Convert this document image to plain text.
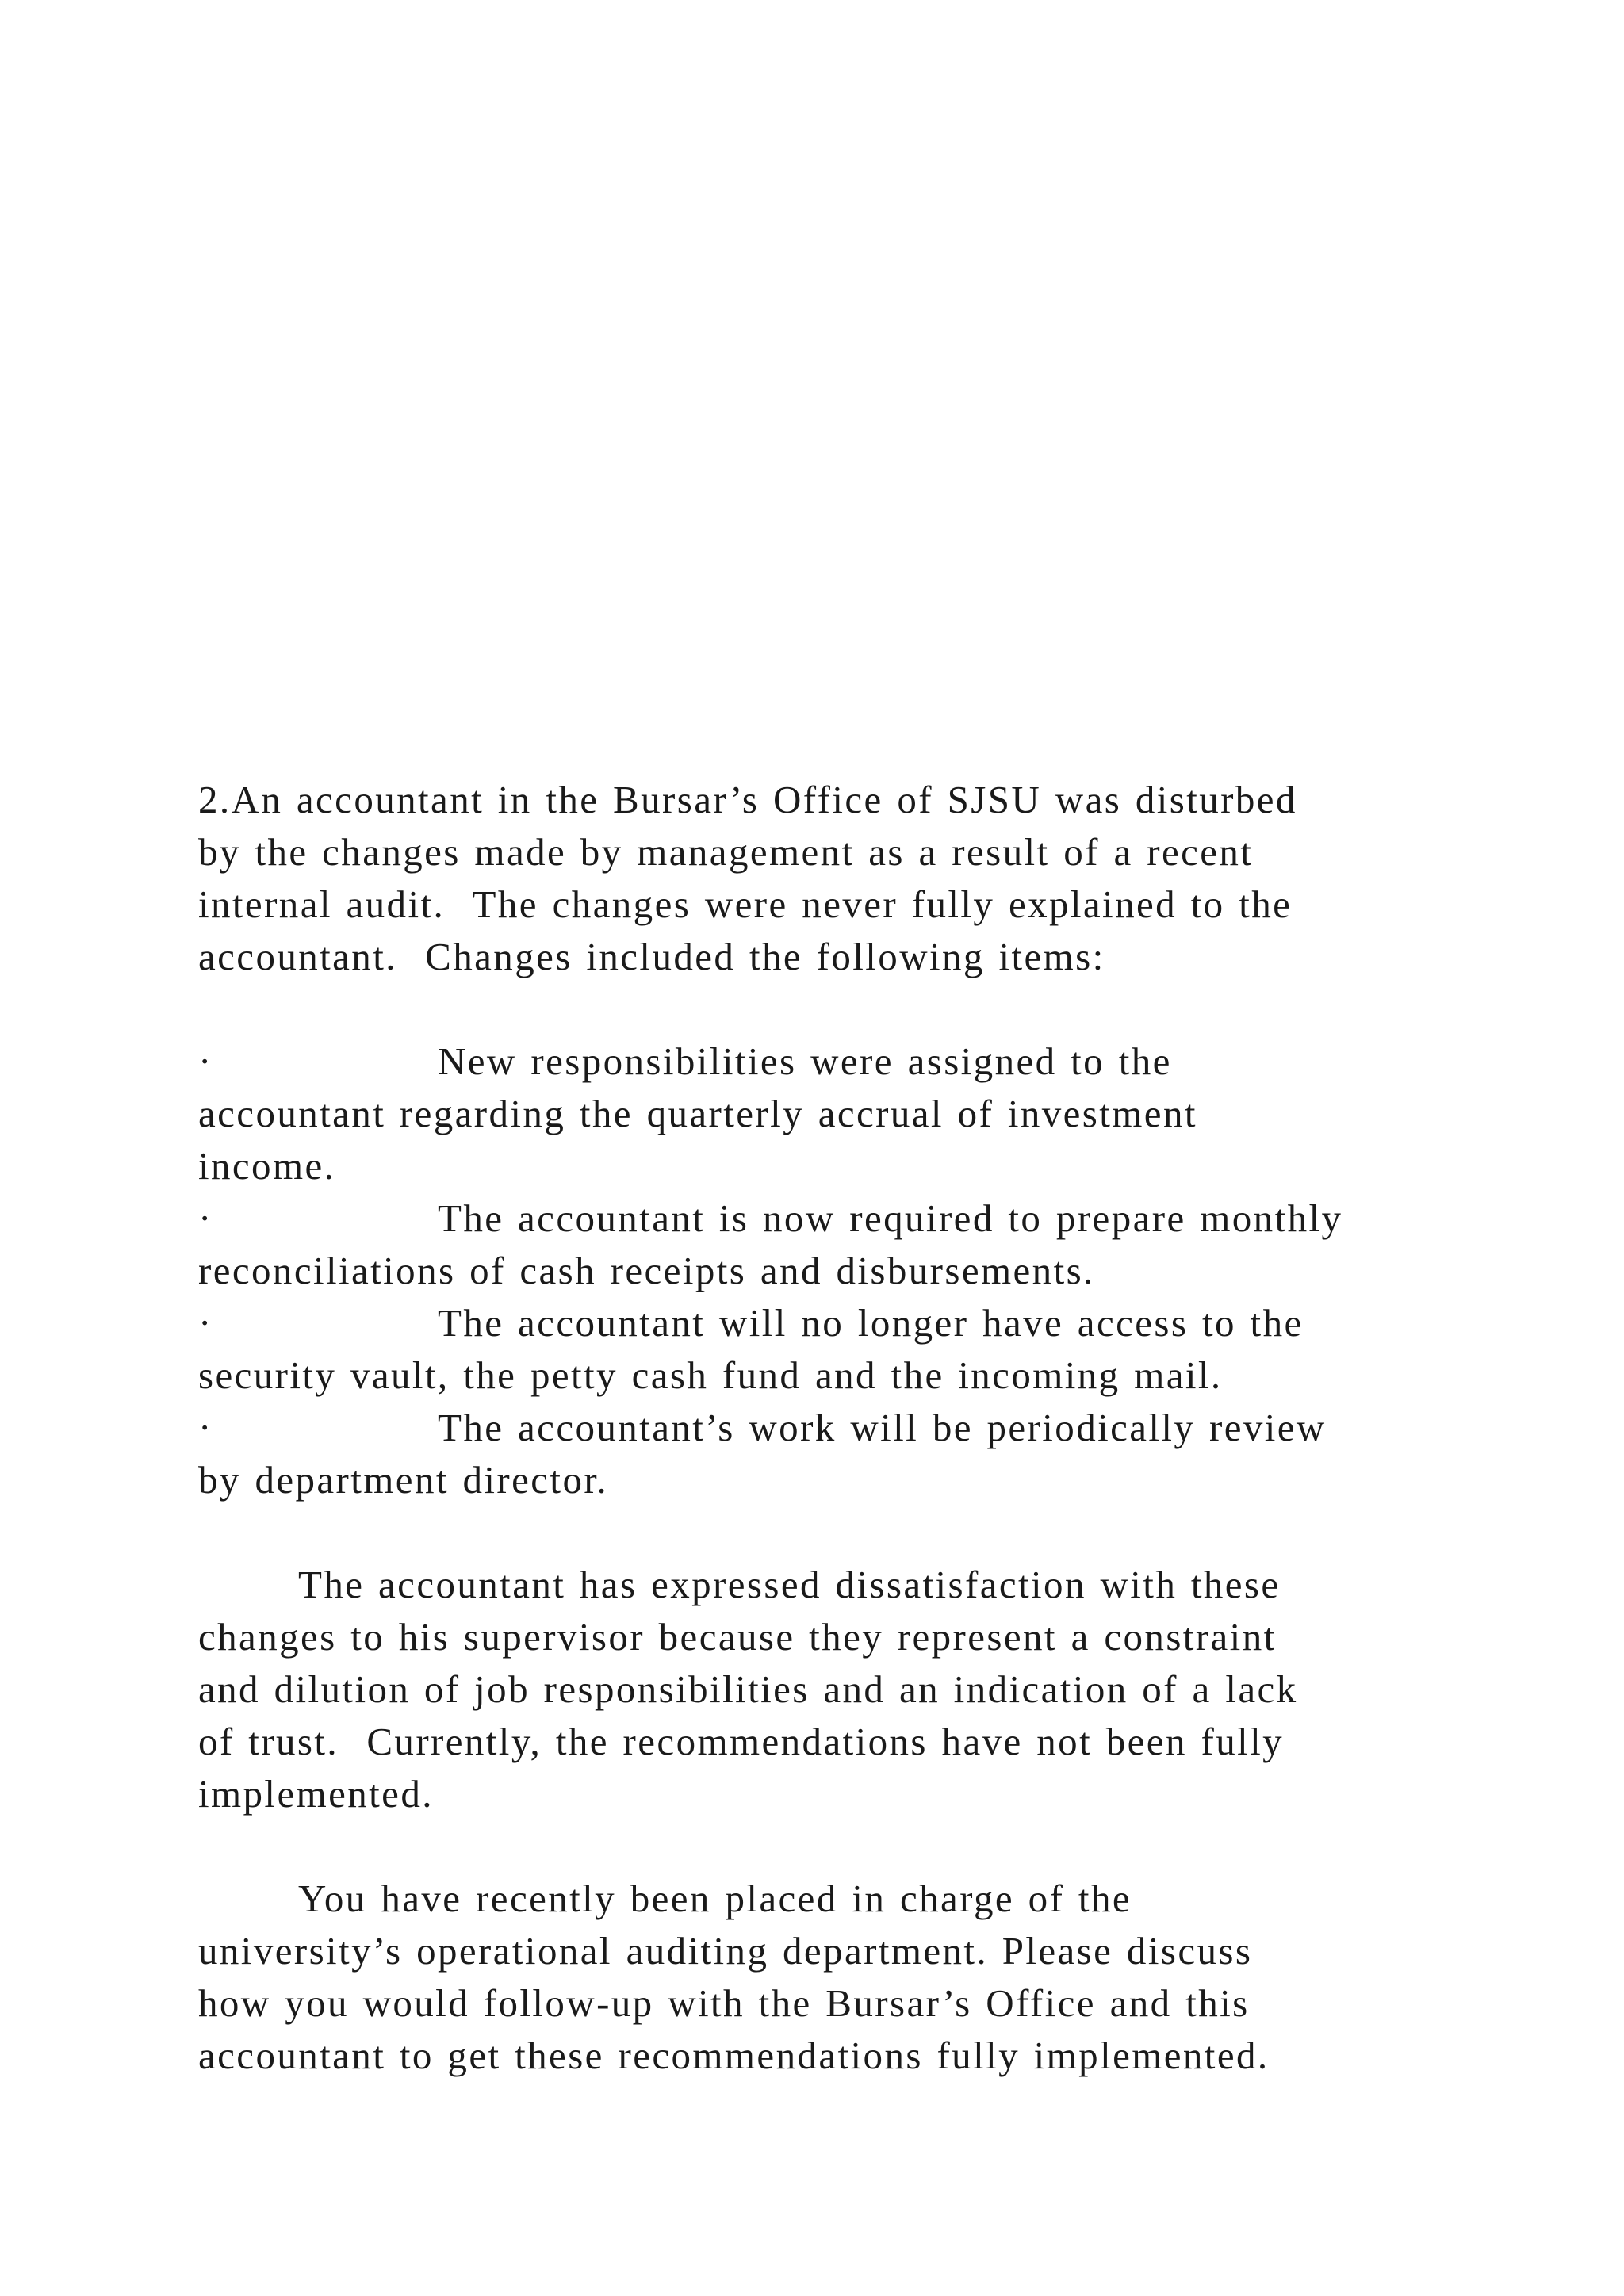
2.An accountant in the Bursar’s Office of SJSU was disturbed
by the changes made by management as a result of a recent
internal audit.  The changes were never fully explained to the
accountant.  Changes included the following items:
·	New responsibilities were assigned to the
accountant regarding the quarterly accrual of investment
income.
·	The accountant is now required to prepare monthly
reconciliations of cash receipts and disbursements.
·	The accountant will no longer have access to the
security vault, the petty cash fund and the incoming mail.
·	The accountant’s work will be periodically review
by department director.
The accountant has expressed dissatisfaction with these
changes to his supervisor because they represent a constraint
and dilution of job responsibilities and an indication of a lack
of trust.  Currently, the recommendations have not been fully
implemented.
You have recently been placed in charge of the
university’s operational auditing department. Please discuss
how you would follow-up with the Bursar’s Office and this
accountant to get these recommendations fully implemented.
